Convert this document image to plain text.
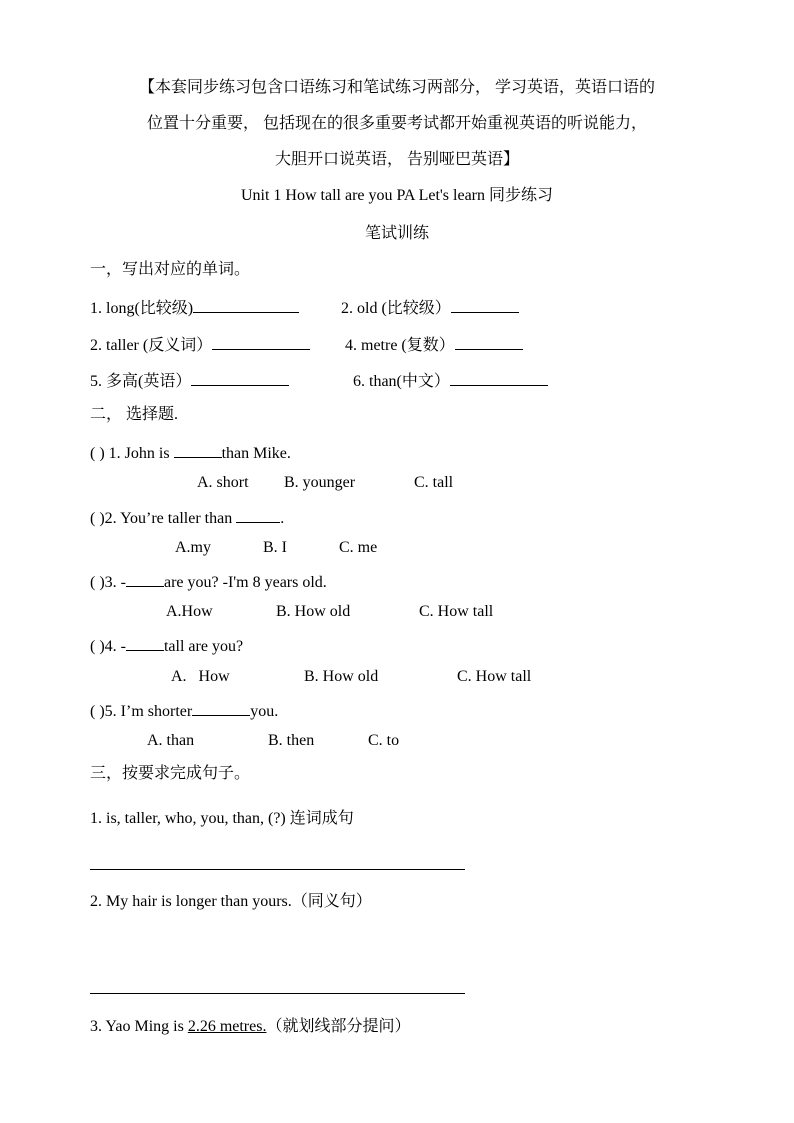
【本套同步练习包含口语练习和笔试练习两部分， 学习英语，英语口语的
位置十分重要， 包括现在的很多重要考试都开始重视英语的听说能力，
大胆开口说英语， 告别哑巴英语】
Unit 1 How tall are you PA Let's learn 同步练习
笔试训练
一，写出对应的单词。
1. long(比较级)	2. old (比较级）
2. taller (反义词）	4. metre (复数）
5. 多高(英语）	6. than(中文）
二， 选择题.
( ) 1. John is	than Mike.
A. short B. younger	C. tall
( )2. You’re taller than	.
A.my	B. I	C. me
( )3. - are you? -I'm 8 years old.
A.How	B. How old	C. How tall
( )4. - tall are you?
A.   How	B. How old	C. How tall
( )5. I’m shorter	you.
A. than	B. then	C. to
三，按要求完成句子。
1. is, taller, who, you, than, (?) 连词成句
2. My hair is longer than yours.（同义句）
3. Yao Ming is 2.26 metres.（就划线部分提问）
